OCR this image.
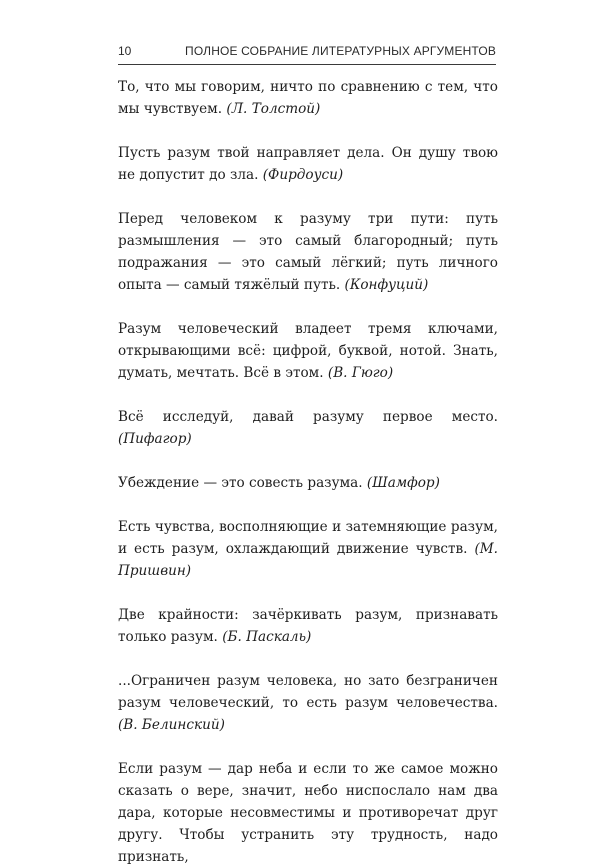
10	ПОЛНОЕ СОБРАНИЕ ЛИТЕРАТУРНЫХ АРГУМЕНТОВ

То, что мы говорим, ничто по сравнению с тем, что мы чувствуем. (Л. Толстой)

Пусть разум твой направляет дела. Он душу твою не допустит до зла. (Фирдоуси)

Перед человеком к разуму три пути: путь размышления — это самый благородный; путь подражания — это самый лёгкий; путь личного опыта — самый тяжёлый путь. (Конфуций)

Разум человеческий владеет тремя ключами, открывающими всё: цифрой, буквой, нотой. Знать, думать, мечтать. Всё в этом. (В. Гюго)

Всё исследуй, давай разуму первое место. (Пифагор)

Убеждение — это совесть разума. (Шамфор)

Есть чувства, восполняющие и затемняющие разум, и есть разум, охлаждающий движение чувств. (М. Пришвин)

Две крайности: зачёркивать разум, признавать только разум. (Б. Паскаль)

...Ограничен разум человека, но зато безграничен разум человеческий, то есть разум человечества. (В. Белинский)

Если разум — дар неба и если то же самое можно сказать о вере, значит, небо ниспослало нам два дара, которые несовместимы и противоречат друг другу. Чтобы устранить эту трудность, надо признать,
